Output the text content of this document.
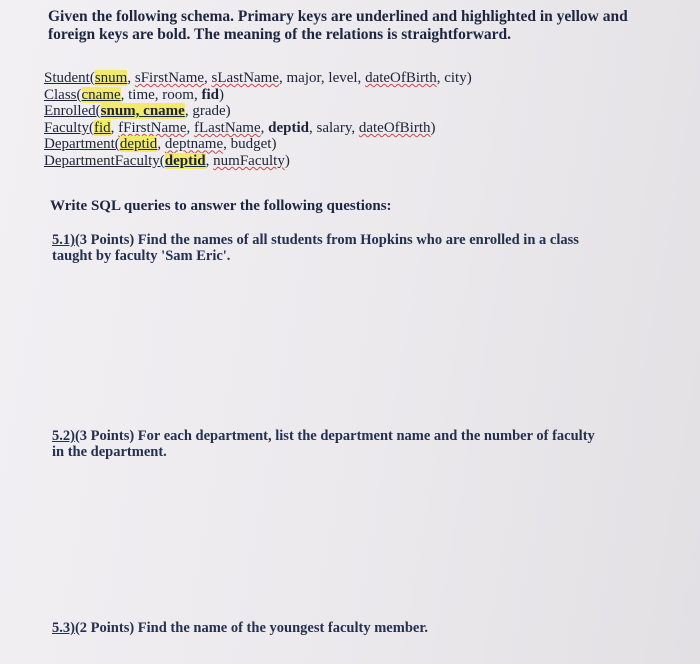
Given the following schema. Primary keys are underlined and highlighted in yellow and
foreign keys are bold. The meaning of the relations is straightforward.
Student(snum, sFirstName, sLastName, major, level, dateOfBirth, city)
Class(cname, time, room, fid)
Enrolled(snum, cname, grade)
Faculty(fid, fFirstName, fLastName, deptid, salary, dateOfBirth)
Department(deptid, deptname, budget)
DepartmentFaculty(deptid, numFaculty)
Write SQL queries to answer the following questions:
5.1)(3 Points) Find the names of all students from Hopkins who are enrolled in a class
taught by faculty 'Sam Eric'.
5.2)(3 Points) For each department, list the department name and the number of faculty
in the department.
5.3)(2 Points) Find the name of the youngest faculty member.
